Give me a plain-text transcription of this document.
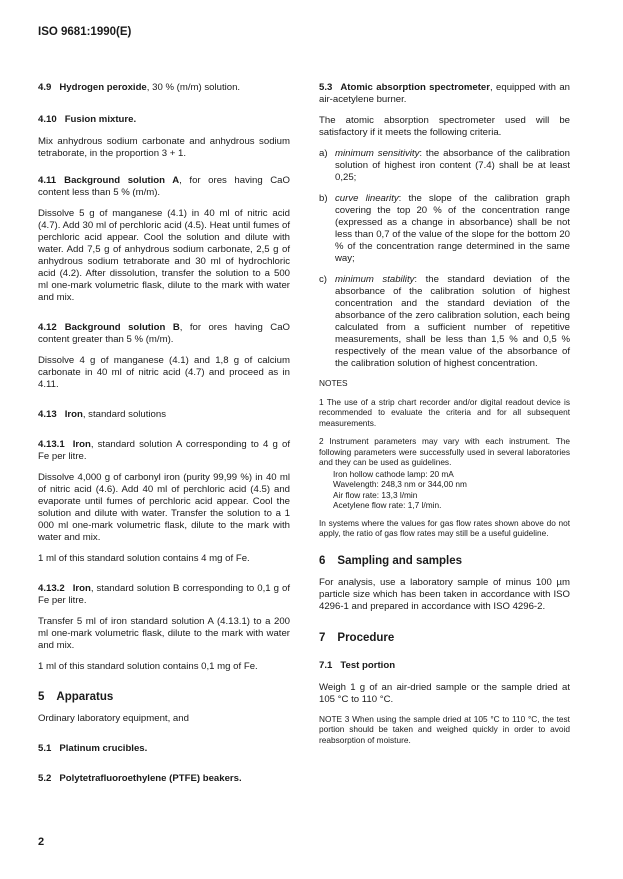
ISO 9681:1990(E)

4.9 Hydrogen peroxide, 30 % (m/m) solution.

4.10 Fusion mixture.

Mix anhydrous sodium carbonate and anhydrous sodium tetraborate, in the proportion 3 + 1.

4.11 Background solution A, for ores having CaO content less than 5 % (m/m).

Dissolve 5 g of manganese (4.1) in 40 ml of nitric acid (4.7). Add 30 ml of perchloric acid (4.5). Heat until fumes of perchloric acid appear. Cool the solution and dilute with water. Add 7,5 g of anhydrous sodium carbonate, 2,5 g of anhydrous sodium tetraborate and 30 ml of hydrochloric acid (4.2). After dissolution, transfer the solution to a 500 ml one-mark volumetric flask, dilute to the mark with water and mix.

4.12 Background solution B, for ores having CaO content greater than 5 % (m/m).

Dissolve 4 g of manganese (4.1) and 1,8 g of calcium carbonate in 40 ml of nitric acid (4.7) and proceed as in 4.11.

4.13 Iron, standard solutions

4.13.1 Iron, standard solution A corresponding to 4 g of Fe per litre.

Dissolve 4,000 g of carbonyl iron (purity 99,99 %) in 40 ml of nitric acid (4.6). Add 40 ml of perchloric acid (4.5) and evaporate until fumes of perchloric acid appear. Cool the solution and dilute with water. Transfer the solution to a 1 000 ml one-mark volumetric flask, dilute to the mark with water and mix.

1 ml of this standard solution contains 4 mg of Fe.

4.13.2 Iron, standard solution B corresponding to 0,1 g of Fe per litre.

Transfer 5 ml of iron standard solution A (4.13.1) to a 200 ml one-mark volumetric flask, dilute to the mark with water and mix.

1 ml of this standard solution contains 0,1 mg of Fe.

5 Apparatus

Ordinary laboratory equipment, and

5.1 Platinum crucibles.

5.2 Polytetrafluoroethylene (PTFE) beakers.

5.3 Atomic absorption spectrometer, equipped with an air-acetylene burner.

The atomic absorption spectrometer used will be satisfactory if it meets the following criteria.

a) minimum sensitivity: the absorbance of the calibration solution of highest iron content (7.4) shall be at least 0,25;
b) curve linearity: the slope of the calibration graph covering the top 20 % of the concentration range (expressed as a change in absorbance) shall be not less than 0,7 of the value of the slope for the bottom 20 % of the concentration range determined in the same way;
c) minimum stability: the standard deviation of the absorbance of the calibration solution of highest concentration and the standard deviation of the absorbance of the zero calibration solution, each being calculated from a sufficient number of repetitive measurements, shall be less than 1,5 % and 0,5 % respectively of the mean value of the absorbance of the calibration solution of highest concentration.

NOTES

1 The use of a strip chart recorder and/or digital readout device is recommended to evaluate the criteria and for all subsequent measurements.

2 Instrument parameters may vary with each instrument. The following parameters were successfully used in several laboratories and they can be used as guidelines.

Iron hollow cathode lamp: 20 mA
Wavelength: 248,3 nm or 344,00 nm
Air flow rate: 13,3 l/min
Acetylene flow rate: 1,7 l/min.

In systems where the values for gas flow rates shown above do not apply, the ratio of gas flow rates may still be a useful guideline.

6 Sampling and samples

For analysis, use a laboratory sample of minus 100 µm particle size which has been taken in accordance with ISO 4296-1 and prepared in accordance with ISO 4296-2.

7 Procedure

7.1 Test portion

Weigh 1 g of an air-dried sample or the sample dried at 105 °C to 110 °C.

NOTE 3 When using the sample dried at 105 °C to 110 °C, the test portion should be taken and weighed quickly in order to avoid reabsorption of moisture.

2
